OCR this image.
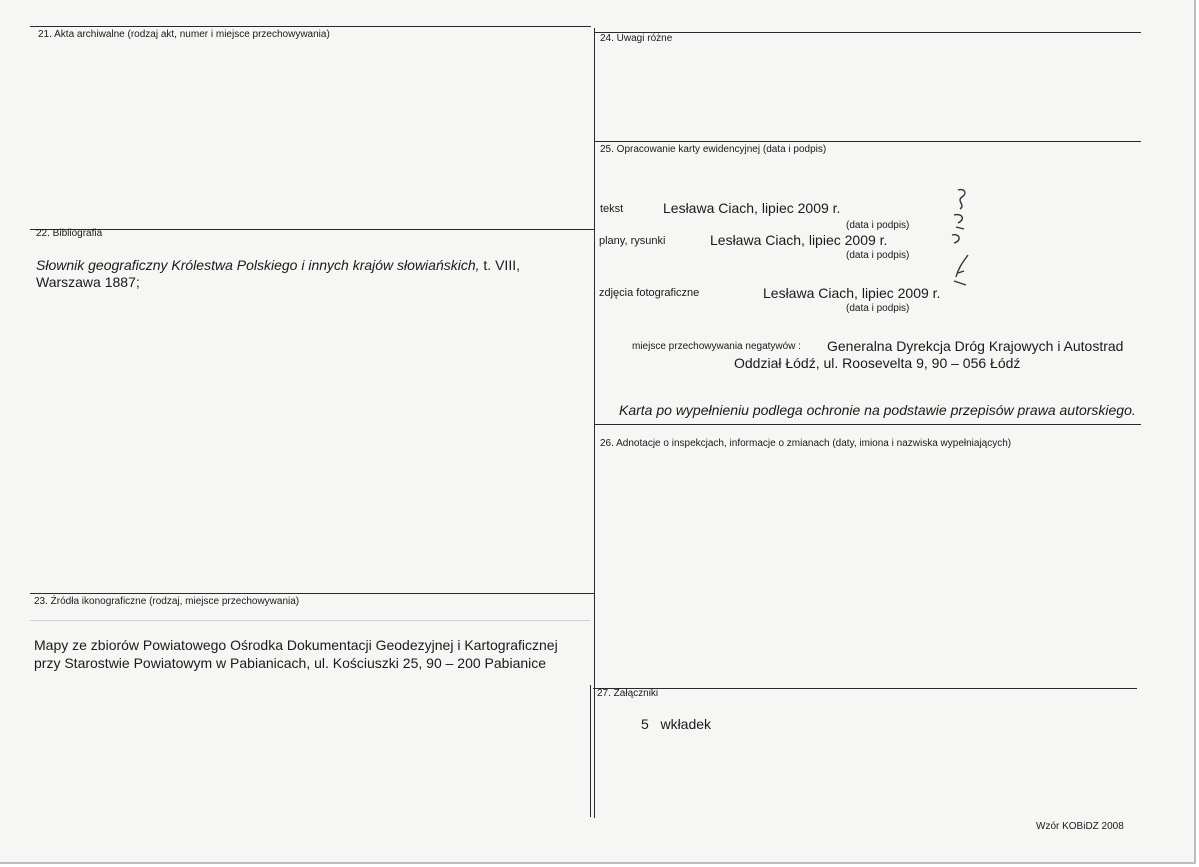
21. Akta archiwalne (rodzaj akt, numer i miejsce przechowywania)
22. Bibliografia
Słownik geograficzny Królestwa Polskiego i innych krajów słowiańskich, t. VIII,
Warszawa 1887;
23. Źródła ikonograficzne (rodzaj, miejsce przechowywania)
Mapy ze zbiorów Powiatowego Ośrodka Dokumentacji Geodezyjnej i Kartograficznej
przy Starostwie Powiatowym w Pabianicach, ul. Kościuszki 25, 90 – 200 Pabianice
24. Uwagi różne
25. Opracowanie karty ewidencyjnej (data i podpis)
tekst	Lesława Ciach, lipiec 2009 r.
(data i podpis)
plany, rysunki	Lesława Ciach, lipiec 2009 r.
(data i podpis)
zdjęcia fotograficzne	Lesława Ciach, lipiec 2009 r.
(data i podpis)
miejsce przechowywania negatywów : Generalna Dyrekcja Dróg Krajowych i Autostrad
Oddział Łódź, ul. Roosevelta 9, 90 – 056 Łódź
Karta po wypełnieniu podlega ochronie na podstawie przepisów prawa autorskiego.
26. Adnotacje o inspekcjach, informacje o zmianach (daty, imiona i nazwiska wypełniających)
27. Załączniki
5   wkładek
Wzór KOBiDZ 2008
